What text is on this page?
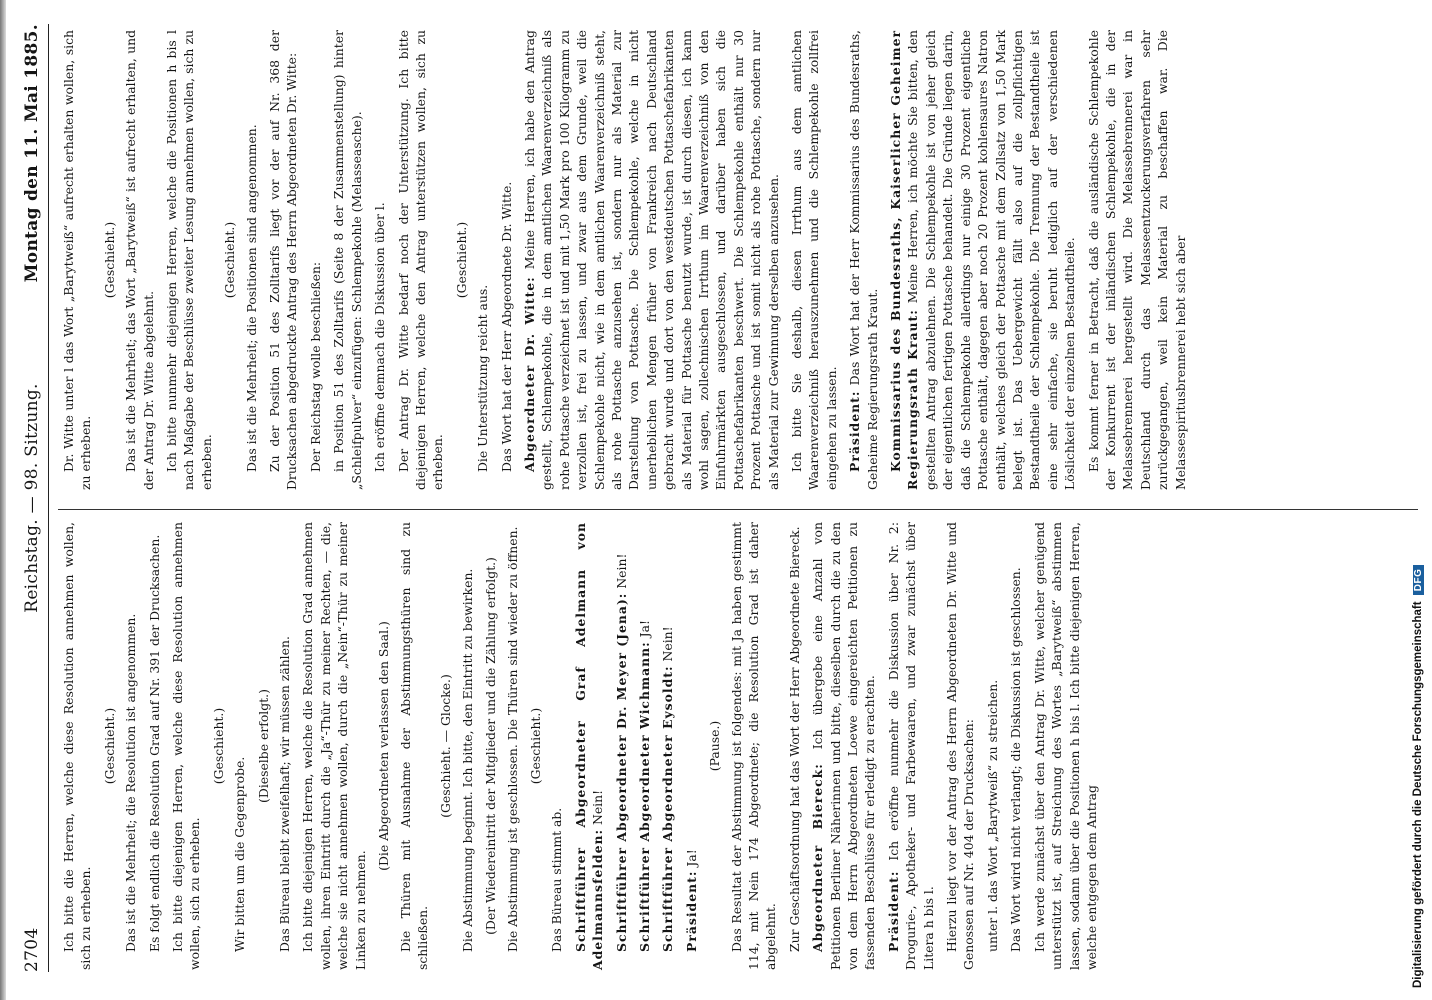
2704
Reichstag. — 98. Sitzung.
Montag den 11. Mai 1885.

Ich bitte die Herren, welche diese Resolution annehmen wollen, sich zu erheben.

(Geschieht.) Das ist die Mehrheit; die Resolution ist angenommen. Es folgt endlich die Resolution Grad auf Nr. 391 der Drucksachen. Ich bitte diejenigen Herren, welche diese Resolution annehmen wollen, sich zu erheben.

(Geschieht.)

Wir bitten um die Gegenprobe.

(Dieselbe erfolgt.) Das Büreau bleibt zweifelhaft; wir müssen zählen. Ich bitte diejenigen Herren, welche die Resolution Grad annehmen wollen, ihren Eintritt durch die „Ja“-Thür zu meiner Rechten, — die, welche sie nicht annehmen wollen, durch die „Nein“-Thür zu meiner Linken zu nehmen.

(Die Abgeordneten verlassen den Saal.) Die Thüren mit Ausnahme der Abstimmungsthüren sind zu schließen.

(Geschieht. — Glocke.) Die Abstimmung beginnt. Ich bitte, den Eintritt zu bewirken. (Der Wiedereintritt der Mitglieder und die Zählung erfolgt.) Die Abstimmung ist geschlossen. Die Thüren sind wieder zu öffnen. (Geschieht.)

Das Büreau stimmt ab. Schriftführer Abgeordneter Graf Adelmann von Adelmannsfelden: Nein! Schriftführer Abgeordneter Dr. Meyer (Jena): Nein!

Schriftführer Abgeordneter Wichmann: Ja!

Schriftführer Abgeordneter Eysoldt: Nein!

Präsident: Ja!

(Pause.) Das Resultat der Abstimmung ist folgendes: mit Ja haben gestimmt 114, mit Nein 174 Abgeordnete; die Resolution Grad ist daher abgelehnt. Zur Geschäftsordnung hat das Wort der Herr Abgeordnete Biereck. Abgeordneter Biereck: Ich übergebe eine Anzahl von Petitionen Berliner Näherinnen und bitte, dieselben durch die zu den von dem Herrn Abgeordneten Loewe eingereichten Petitionen zu fassenden Beschlüsse für erledigt zu erachten. Präsident: Ich eröffne nunmehr die Diskussion über Nr. 2: Drogurie-, Apotheker- und Farbewaaren, und zwar zunächst über Litera h bis l. Hierzu liegt vor der Antrag des Herrn Abgeordneten Dr. Witte und Genossen auf Nr. 404 der Drucksachen: unter l. das Wort „Barytweiß“ zu streichen. Das Wort wird nicht verlangt; die Diskussion ist geschlossen. Ich werde zunächst über den Antrag Dr. Witte, welcher genügend unterstützt ist, auf Streichung des Wortes „Barytweiß“ abstimmen lassen, sodann über die Positionen h bis l. Ich bitte diejenigen Herren, welche entgegen dem Antrag

Dr. Witte unter l das Wort „Barytweiß“ aufrecht erhalten wollen, sich zu erheben.

(Geschieht.) Das ist die Mehrheit; das Wort „Barytweiß“ ist aufrecht erhalten, und der Antrag Dr. Witte abgelehnt. Ich bitte nunmehr diejenigen Herren, welche die Positionen h bis l nach Maßgabe der Beschlüsse zweiter Lesung annehmen wollen, sich zu erheben.

(Geschieht.) Das ist die Mehrheit; die Positionen sind angenommen. Zu der Position 51 des Zolltarifs liegt vor der auf Nr. 368 der Drucksachen abgedruckte Antrag des Herrn Abgeordneten Dr. Witte: Der Reichstag wolle beschließen: in Position 51 des Zolltarifs (Seite 8 der Zusammenstellung) hinter „Schleifpulver“ einzufügen: Schlempekohle (Melasseasche). Ich eröffne demnach die Diskussion über l. Der Antrag Dr. Witte bedarf noch der Unterstützung. Ich bitte diejenigen Herren, welche den Antrag unterstützen wollen, sich zu erheben.

(Geschieht.)

Die Unterstützung reicht aus. Das Wort hat der Herr Abgeordnete Dr. Witte. Abgeordneter Dr. Witte: Meine Herren, ich habe den Antrag gestellt, Schlempekohle, die in dem amtlichen Waarenverzeichniß als rohe Pottasche verzeichnet ist und mit 1,50 Mark pro 100 Kilogramm zu verzollen ist, frei zu lassen, und zwar aus dem Grunde, weil die Schlempekohle nicht, wie in dem amtlichen Waarenverzeichniß steht, als rohe Pottasche anzusehen ist, sondern nur als Material zur Darstellung von Pottasche. Die Schlempekohle, welche in nicht unerheblichen Mengen früher von Frankreich nach Deutschland gebracht wurde und dort von den westdeutschen Pottaschefabrikanten als Material für Pottasche benutzt wurde, ist durch diesen, ich kann wohl sagen, zollechnischen Irrthum im Waarenverzeichniß von den Einfuhrmärkten ausgeschlossen, und darüber haben sich die Pottaschefabrikanten beschwert. Die Schlempekohle enthält nur 30 Prozent Pottasche und ist somit nicht als rohe Pottasche, sondern nur als Material zur Gewinnung derselben anzusehen. Ich bitte Sie deshalb, diesen Irrthum aus dem amtlichen Waarenverzeichniß herauszunehmen und die Schlempekohle zollfrei eingehen zu lassen. Präsident: Das Wort hat der Herr Kommissarius des Bundesraths, Geheime Regierungsrath Kraut. Kommissarius des Bundesraths, Kaiserlicher Geheimer Regierungsrath Kraut: Meine Herren, ich möchte Sie bitten, den gestellten Antrag abzulehnen. Die Schlempekohle ist von jeher gleich der eigentlichen fertigen Pottasche behandelt. Die Gründe liegen darin, daß die Schlempekohle allerdings nur einige 30 Prozent eigentliche Pottasche enthält, dagegen aber noch 20 Prozent kohlensaures Natron enthält, welches gleich der Pottasche mit dem Zollsatz von 1,50 Mark belegt ist. Das Uebergewicht fällt also auf die zollpflichtigen Bestandtheile der Schlempekohle. Die Trennung der Bestandtheile ist eine sehr einfache, sie beruht lediglich auf der verschiedenen Löslichkeit der einzelnen Bestandtheile. Es kommt ferner in Betracht, daß die ausländische Schlempekohle der Konkurrent ist der inländischen Schlempekohle, die in der Melassebrennerei hergestellt wird. Die Melassebrennerei war in Deutschland durch das Melasseentzuckerungsverfahren sehr zurückgegangen, weil kein Material zu beschaffen war. Die Melassespiritusbrennerei hebt sich aber

Digitalisierung gefördert durch die Deutsche Forschungsgemeinschaft DFG
